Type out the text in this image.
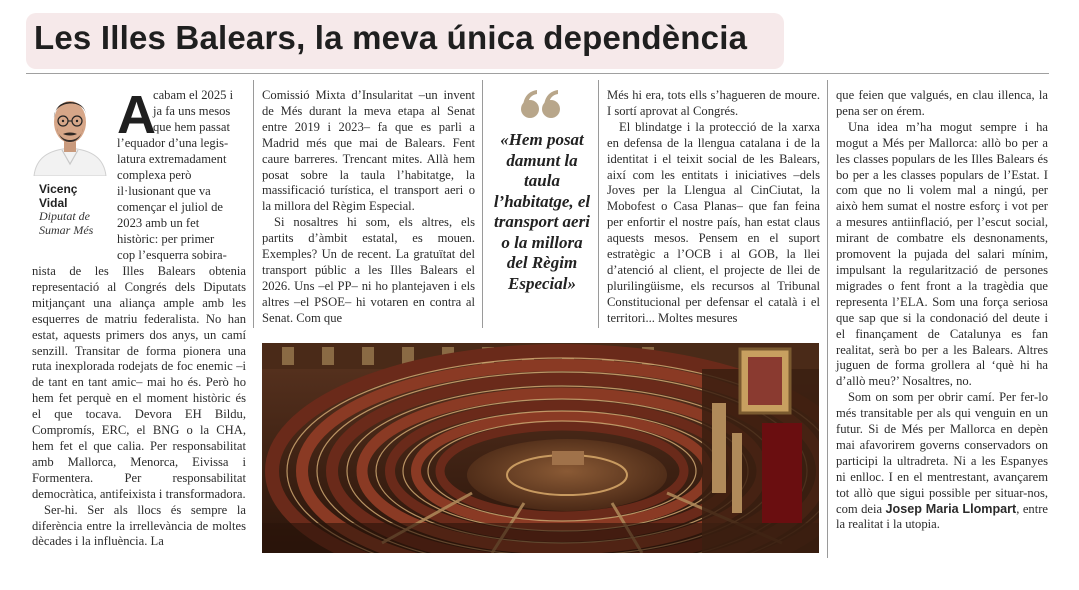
Les Illes Balears, la meva única dependència
Vicenç Vidal
Diputat de
Sumar Més
A
cabam el 2025 i
ja fa uns mesos
que hem passat
l’equador d’una legis-
latura extremadament
complexa però
il·lusionant que va
començar el juliol de
2023 amb un fet
històric: per primer
cop l’esquerra sobira-

nista de les Illes Balears obtenia representació al Congrés dels Diputats mitjançant una aliança ample amb les esquerres de matriu federalista. No han estat, aquests primers dos anys, un camí senzill. Transitar de forma pionera una ruta inexplorada rodejats de foc enemic –i de tant en tant amic– mai ho és. Però ho hem fet perquè en el moment històric és el que tocava. Devora EH Bildu, Compromís, ERC, el BNG o la CHA, hem fet el que calia. Per responsabilitat amb Mallorca, Menorca, Eivissa i Formentera. Per responsabilitat democràtica, antifeixista i transformadora.

Ser-hi. Ser als llocs és sempre la diferència entre la irrellevància de moltes dècades i la influència. La

Comissió Mixta d’Insularitat –un invent de Més durant la meva etapa al Senat entre 2019 i 2023– fa que es parli a Madrid més que mai de Balears. Fent caure barreres. Trencant mites. Allà hem posat sobre la taula l’habitatge, la massificació turística, el transport aeri o la millora del Règim Especial.

Si nosaltres hi som, els altres, els partits d’àmbit estatal, es mouen. Exemples? Un de recent. La gratuïtat del transport públic a les Illes Balears el 2026. Uns –el PP– ni ho plantejaven i els altres –el PSOE– hi votaren en contra al Senat. Com que

«Hem posat damunt la taula l’habitatge, el transport aeri o la millora del Règim Especial»

Més hi era, tots ells s’hagueren de moure. I sortí aprovat al Congrés.

El blindatge i la protecció de la xarxa en defensa de la llengua catalana i de la identitat i el teixit social de les Balears, així com les entitats i iniciatives –dels Joves per la Llengua al CinCiutat, la Mobofest o Casa Planas– que fan feina per enfortir el nostre país, han estat claus aquests mesos. Pensem en el suport estratègic a l’OCB i al GOB, la llei d’atenció al client, el projecte de llei de plurilingüisme, els recursos al Tribunal Constitucional per defensar el català i el territori... Moltes mesures

que feien que valgués, en clau illenca, la pena ser on érem.

Una idea m’ha mogut sempre i ha mogut a Més per Mallorca: allò bo per a les classes populars de les Illes Balears és bo per a les classes populars de l’Estat. I com que no li volem mal a ningú, per això hem sumat el nostre esforç i vot per a mesures antiinflació, per l’escut social, mirant de combatre els desnonaments, promovent la pujada del salari mínim, impulsant la regularització de persones migrades o fent front a la tragèdia que representa l’ELA. Som una força seriosa que sap que si la condonació del deute i el finançament de Catalunya es fan realitat, serà bo per a les Balears. Altres juguen de forma grollera al ‘què hi ha d’allò meu?’ Nosaltres, no.

Som on som per obrir camí. Per fer-lo més transitable per als qui venguin en un futur. Si de Més per Mallorca en depèn mai afavorirem governs conservadors on participi la ultradreta. Ni a les Espanyes ni enlloc. I en el mentrestant, avançarem tot allò que sigui possible per situar-nos, com deia Josep Maria Llompart, entre la realitat i la utopia.
